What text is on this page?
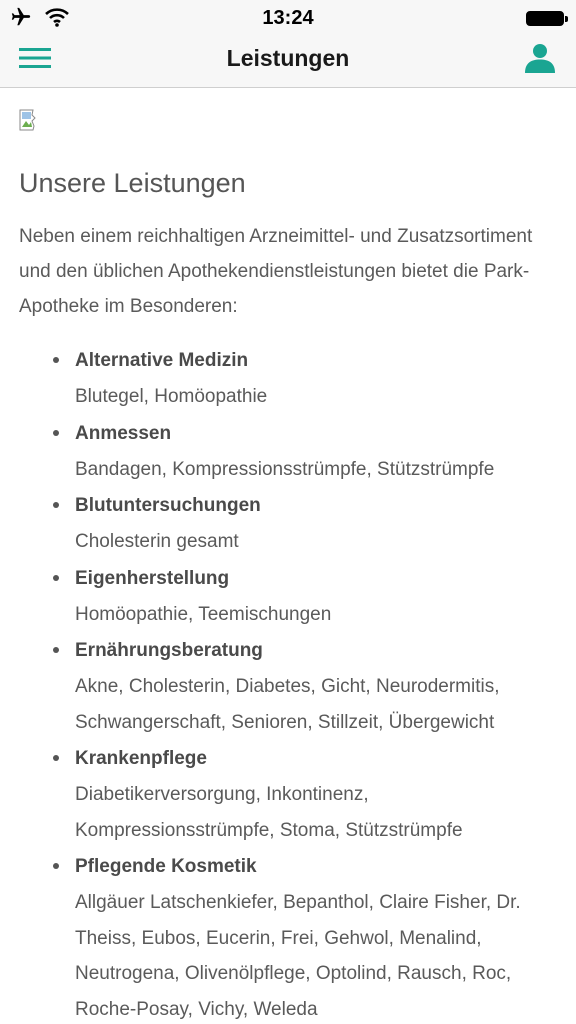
13:24
Leistungen
Unsere Leistungen

Neben einem reichhaltigen Arzneimittel- und Zusatzsortiment und den üblichen Apothekendienstleistungen bietet die Park-Apotheke im Besonderen:

Alternative Medizin
Blutegel, Homöopathie
Anmessen
Bandagen, Kompressionsstrümpfe, Stützstrümpfe
Blutuntersuchungen
Cholesterin gesamt
Eigenherstellung
Homöopathie, Teemischungen
Ernährungsberatung
Akne, Cholesterin, Diabetes, Gicht, Neurodermitis, Schwangerschaft, Senioren, Stillzeit, Übergewicht
Krankenpflege
Diabetikerversorgung, Inkontinenz, Kompressionsstrümpfe, Stoma, Stützstrümpfe
Pflegende Kosmetik
Allgäuer Latschenkiefer, Bepanthol, Claire Fisher, Dr. Theiss, Eubos, Eucerin, Frei, Gehwol, Menalind, Neutrogena, Olivenölpflege, Optolind, Rausch, Roc, Roche-Posay, Vichy, Weleda
